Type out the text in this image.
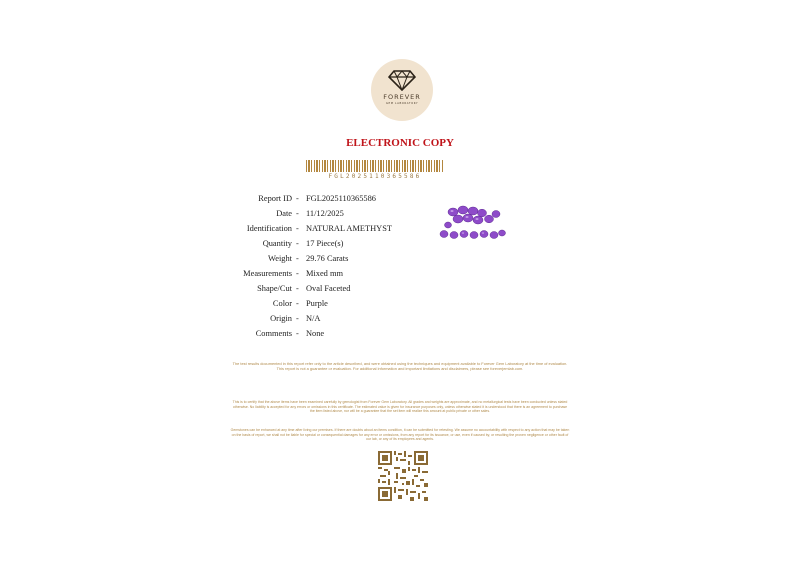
FOREVER
GEM LABORATORY
ELECTRONIC COPY
FGL2025110365586
Report ID - FGL2025110365586
Date - 11/12/2025
Identification - NATURAL AMETHYST
Quantity - 17 Piece(s)
Weight - 29.76 Carats
Measurements - Mixed mm
Shape/Cut - Oval Faceted
Color - Purple
Origin - N/A
Comments - None
The test results documented in this report refer only to the article described, and were obtained using the techniques and equipment available to Forever Gem Laboratory at the time of evaluation. This report is not a guarantee or evaluation. For additional information and important limitations and disclaimers, please see foreverjemlab.com.
This is to certify that the above items have been examined carefully by gemologist from Forever Gem Laboratory. All grades and weights are approximate, and no metallurgical tests have been conducted unless stated otherwise. No liability is accepted for any errors or omissions in this certificate. The estimated value is given for insurance purposes only, unless otherwise stated it is understood that there is an agreement to purchase the item listed above, nor will be a guarantee that the set item will realize this amount at public private or other sales.
Gemstones can be enhanced at any time after living our premises. If there are doubts about an items condition, it can be submitted for retesting. We assume no accountability with respect to any action that may be taken on the basis of report, we shall not be liable for special or consequential damages for any error or omissions, from any report for its issuance, or use, even if caused by, or resulting the proven negligence or other fault of our lab, or any of its employees and agents.
